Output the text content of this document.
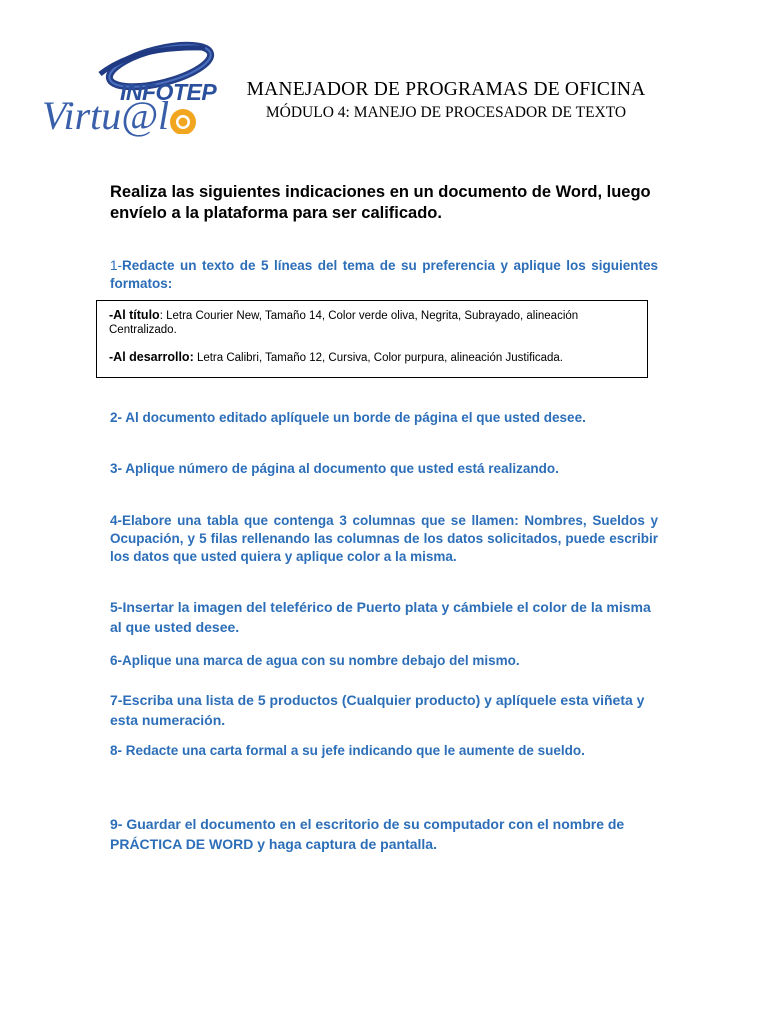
INFOTEP
Virtu@l
MANEJADOR DE PROGRAMAS DE OFICINA
MÓDULO 4: MANEJO DE PROCESADOR DE TEXTO
Realiza las siguientes indicaciones en un documento de Word, luego envíelo a la plataforma para ser calificado.
1-Redacte un texto de 5 líneas del tema de su preferencia y aplique los siguientes formatos:
-Al título: Letra Courier New, Tamaño 14, Color verde oliva, Negrita, Subrayado, alineación Centralizado.
-Al desarrollo: Letra Calibri, Tamaño 12, Cursiva, Color purpura, alineación Justificada.
2- Al documento editado aplíquele un borde de página el que usted desee.
3- Aplique número de página al documento que usted está realizando.
4-Elabore una tabla que contenga 3 columnas que se llamen: Nombres, Sueldos y Ocupación, y 5 filas rellenando las columnas de los datos solicitados, puede escribir los datos que usted quiera y aplique color a la misma.
5-Insertar la imagen del teleférico de Puerto plata y cámbiele el color de la misma al que usted desee.
6-Aplique una marca de agua con su nombre debajo del mismo.
7-Escriba una lista de 5 productos (Cualquier producto) y aplíquele esta viñeta y esta numeración.
8- Redacte una carta formal a su jefe indicando que le aumente de sueldo.
9- Guardar el documento en el escritorio de su computador con el nombre de PRÁCTICA DE WORD y haga captura de pantalla.
